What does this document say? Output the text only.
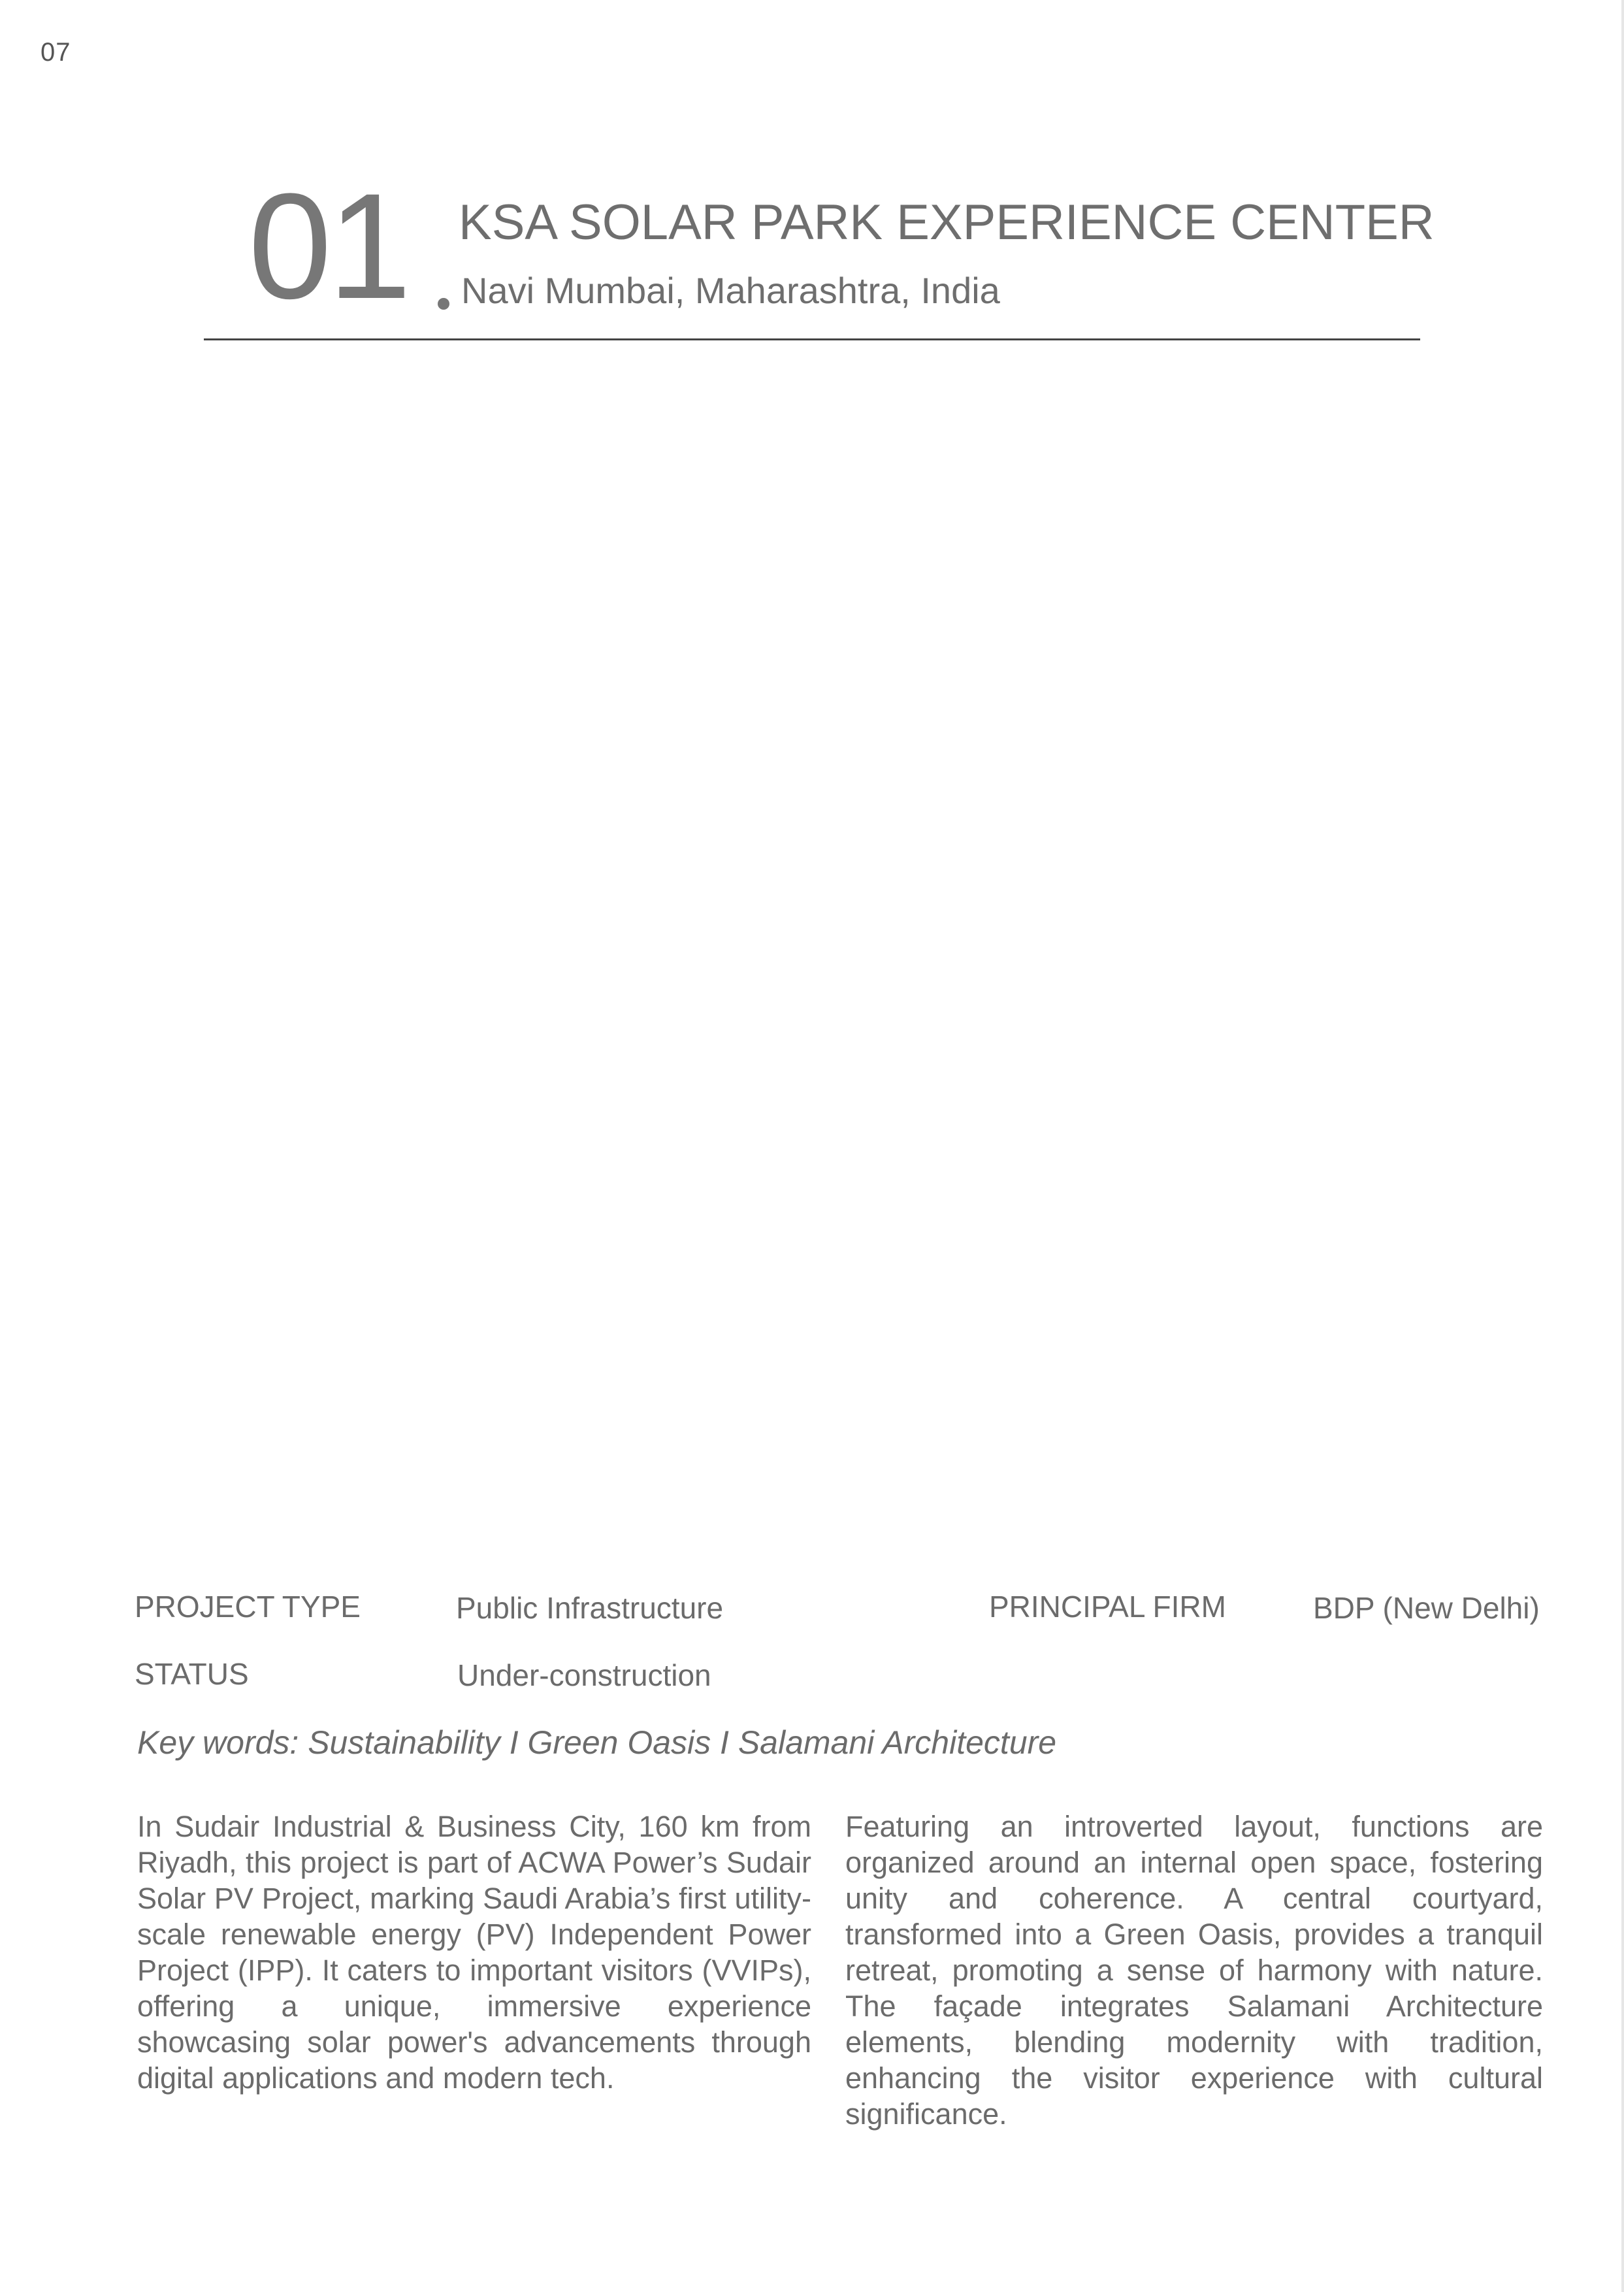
07
01 KSA SOLAR PARK EXPERIENCE CENTER
Navi Mumbai, Maharashtra, India
PROJECT TYPE	Public Infrastructure	PRINCIPAL FIRM	BDP (New Delhi)
STATUS	Under-construction
Key words: Sustainability I Green Oasis I Salamani Architecture
In Sudair Industrial & Business City, 160 km from Riyadh, this project is part of ACWA Power’s Sudair Solar PV Project, marking Saudi Arabia’s first utility-scale renewable energy (PV) Independent Power Project (IPP). It caters to important visitors (VVIPs), offering a unique, immersive experience showcasing solar power's advancements through digital applications and modern tech.
Featuring an introverted layout, functions are organized around an internal open space, fostering unity and coherence. A central courtyard, transformed into a Green Oasis, provides a tranquil retreat, promoting a sense of harmony with nature. The façade integrates Salamani Architecture elements, blending modernity with tradition, enhancing the visitor experience with cultural significance.
